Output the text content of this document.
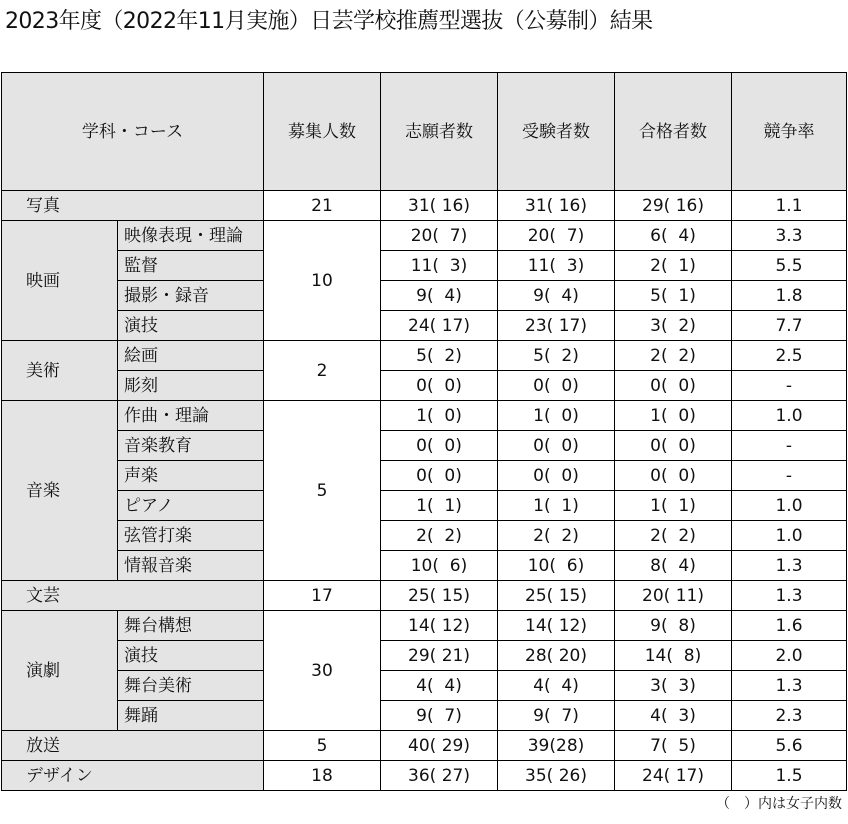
2023年度（2022年11月実施）日芸学校推薦型選抜（公募制）結果
学科・コース		募集人数	志願者数	受験者数	合格者数	競争率
写真		21	31( 16)	31( 16)	29( 16)	1.1
映画	映像表現・理論	10	20(  7)	20(  7)	6(  4)	3.3
	監督		11(  3)	11(  3)	2(  1)	5.5
	撮影・録音		9(  4)	9(  4)	5(  1)	1.8
	演技		24( 17)	23( 17)	3(  2)	7.7
美術	絵画	2	5(  2)	5(  2)	2(  2)	2.5
	彫刻		0(  0)	0(  0)	0(  0)	-
音楽	作曲・理論	5	1(  0)	1(  0)	1(  0)	1.0
	音楽教育		0(  0)	0(  0)	0(  0)	-
	声楽		0(  0)	0(  0)	0(  0)	-
	ピアノ		1(  1)	1(  1)	1(  1)	1.0
	弦管打楽		2(  2)	2(  2)	2(  2)	1.0
	情報音楽		10(  6)	10(  6)	8(  4)	1.3
文芸		17	25( 15)	25( 15)	20( 11)	1.3
演劇	舞台構想	30	14( 12)	14( 12)	9(  8)	1.6
	演技		29( 21)	28( 20)	14(  8)	2.0
	舞台美術		4(  4)	4(  4)	3(  3)	1.3
	舞踊		9(  7)	9(  7)	4(  3)	2.3
放送		5	40( 29)	39(28)	7(  5)	5.6
デザイン		18	36( 27)	35( 26)	24( 17)	1.5
（　）内は女子内数
